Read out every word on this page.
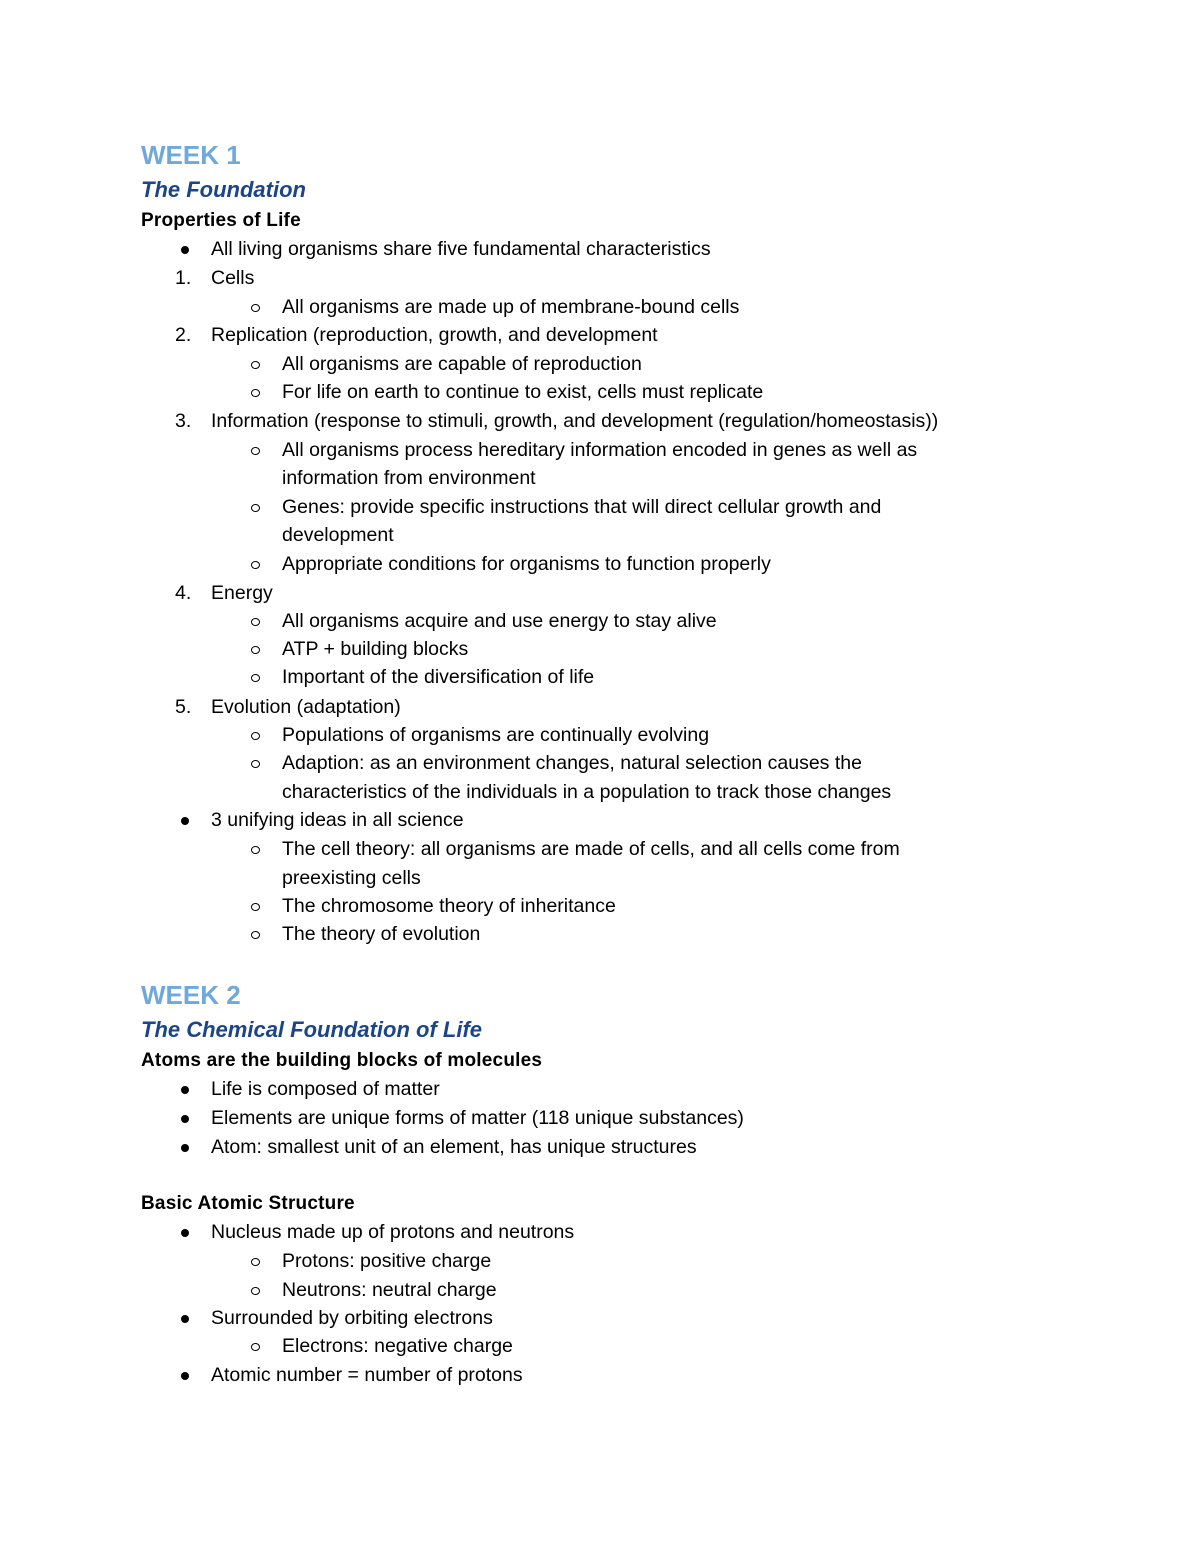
WEEK 1
The Foundation
Properties of Life
All living organisms share five fundamental characteristics
1. Cells
All organisms are made up of membrane-bound cells
2. Replication (reproduction, growth, and development
All organisms are capable of reproduction
For life on earth to continue to exist, cells must replicate
3. Information (response to stimuli, growth, and development (regulation/homeostasis))
All organisms process hereditary information encoded in genes as well as
information from environment
Genes: provide specific instructions that will direct cellular growth and
development
Appropriate conditions for organisms to function properly
4. Energy
All organisms acquire and use energy to stay alive
ATP + building blocks
Important of the diversification of life
5. Evolution (adaptation)
Populations of organisms are continually evolving
Adaption: as an environment changes, natural selection causes the
characteristics of the individuals in a population to track those changes
3 unifying ideas in all science
The cell theory: all organisms are made of cells, and all cells come from
preexisting cells
The chromosome theory of inheritance
The theory of evolution
WEEK 2
The Chemical Foundation of Life
Atoms are the building blocks of molecules
Life is composed of matter
Elements are unique forms of matter (118 unique substances)
Atom: smallest unit of an element, has unique structures
Basic Atomic Structure
Nucleus made up of protons and neutrons
Protons: positive charge
Neutrons: neutral charge
Surrounded by orbiting electrons
Electrons: negative charge
Atomic number = number of protons
